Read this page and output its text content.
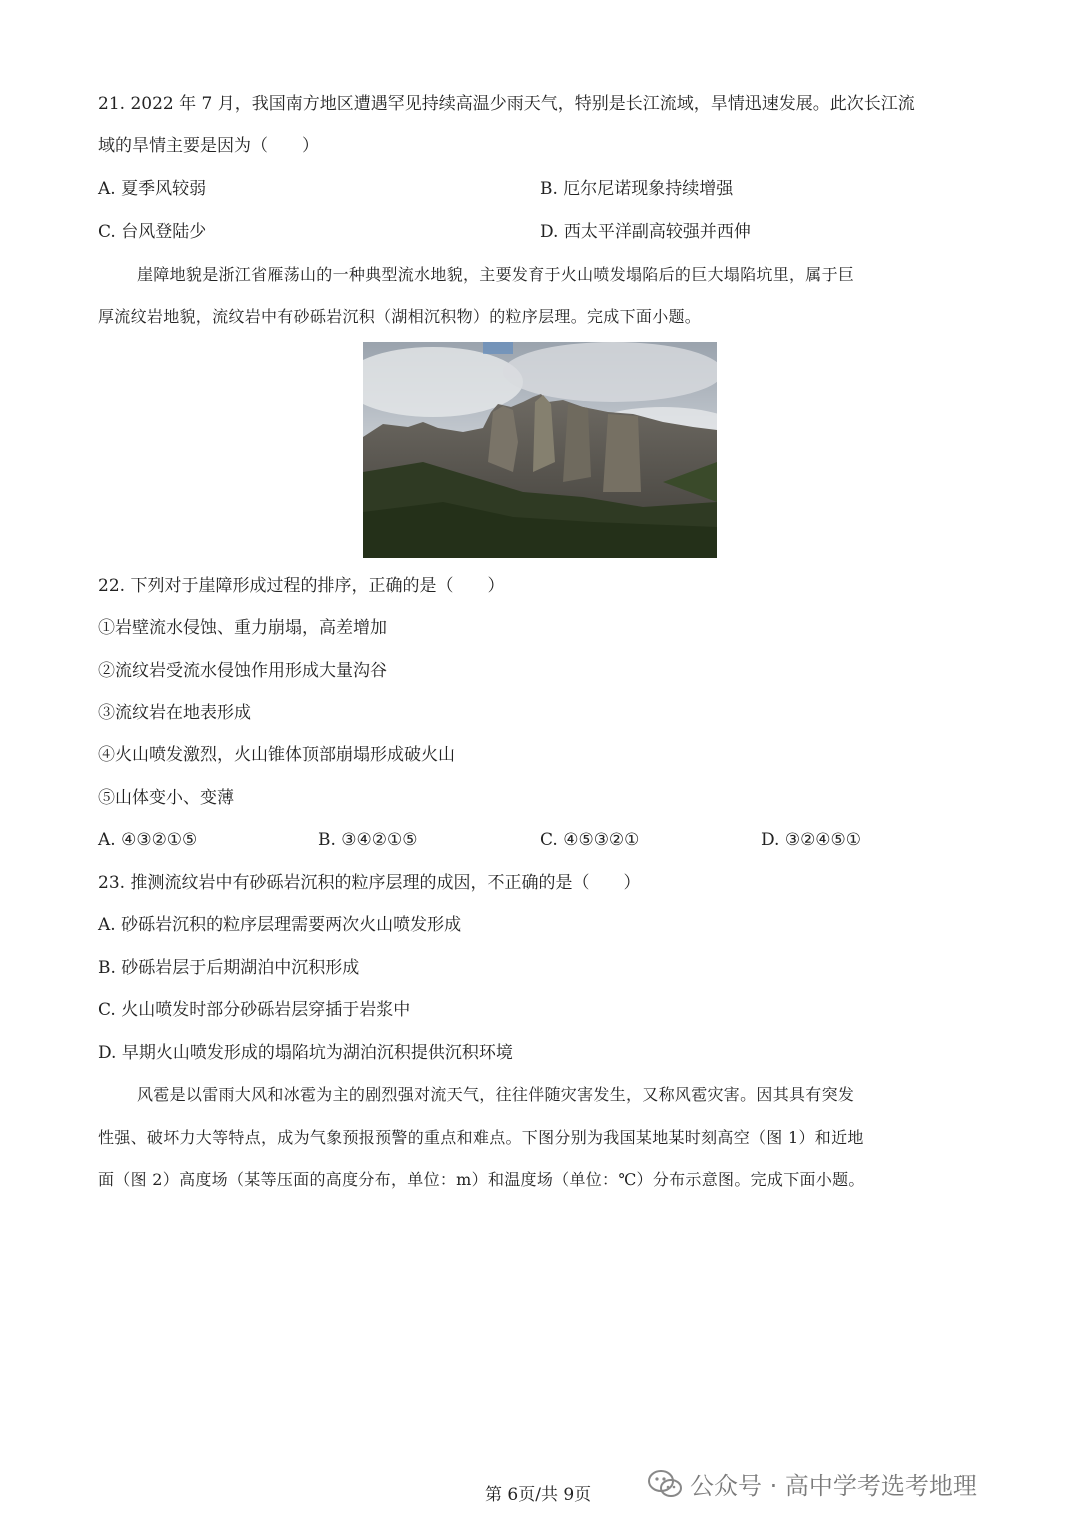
21. 2022 年 7 月，我国南方地区遭遇罕见持续高温少雨天气，特别是长江流域，旱情迅速发展。此次长江流
域的旱情主要是因为（　　）
A. 夏季风较弱	B. 厄尔尼诺现象持续增强
C. 台风登陆少	D. 西太平洋副高较强并西伸
崖障地貌是浙江省雁荡山的一种典型流水地貌，主要发育于火山喷发塌陷后的巨大塌陷坑里，属于巨
厚流纹岩地貌，流纹岩中有砂砾岩沉积（湖相沉积物）的粒序层理。完成下面小题。
22. 下列对于崖障形成过程的排序，正确的是（　　）
①岩壁流水侵蚀、重力崩塌，高差增加
②流纹岩受流水侵蚀作用形成大量沟谷
③流纹岩在地表形成
④火山喷发激烈，火山锥体顶部崩塌形成破火山
⑤山体变小、变薄
A. ④③②①⑤	B. ③④②①⑤	C. ④⑤③②①	D. ③②④⑤①
23. 推测流纹岩中有砂砾岩沉积的粒序层理的成因，不正确的是（　　）
A. 砂砾岩沉积的粒序层理需要两次火山喷发形成
B. 砂砾岩层于后期湖泊中沉积形成
C. 火山喷发时部分砂砾岩层穿插于岩浆中
D. 早期火山喷发形成的塌陷坑为湖泊沉积提供沉积环境
风雹是以雷雨大风和冰雹为主的剧烈强对流天气，往往伴随灾害发生，又称风雹灾害。因其具有突发
性强、破坏力大等特点，成为气象预报预警的重点和难点。下图分别为我国某地某时刻高空（图 1）和近地
面（图 2）高度场（某等压面的高度分布，单位：m）和温度场（单位：℃）分布示意图。完成下面小题。
第 6页/共 9页	公众号 · 高中学考选考地理
